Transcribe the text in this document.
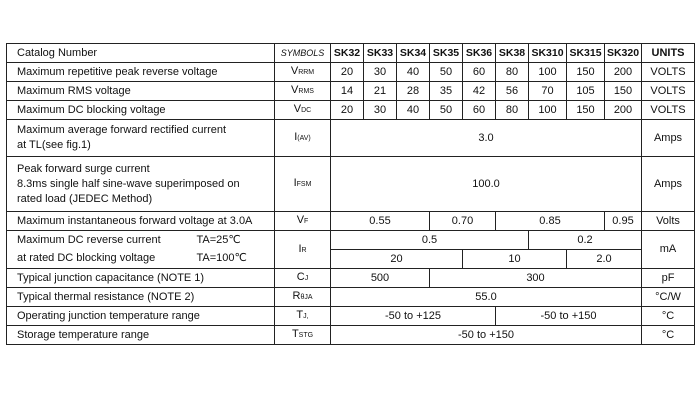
Catalog Number	SYMBOLS	SK32	SK33	SK34	SK35	SK36	SK38	SK310	SK315	SK320	UNITS
Maximum repetitive peak reverse voltage	VRRM	20	30	40	50	60	80	100	150	200	VOLTS
Maximum RMS voltage	VRMS	14	21	28	35	42	56	70	105	150	VOLTS
Maximum DC blocking voltage	VDC	20	30	40	50	60	80	100	150	200	VOLTS

Maximum average forward rectified current
at TL(see fig.1)	I(AV)	3.0									Amps

Peak forward surge current
8.3ms single half sine-wave superimposed on
rated load (JEDEC Method)	IFSM	100.0									Amps
Maximum instantaneous forward voltage at 3.0A	VF	0.55			0.70		0.85			0.95	Volts
Maximum DC reverse current TA=25℃	IR	0.5						0.2			mA
at rated DC blocking voltage TA=100℃		20				10			2.0		
Typical junction capacitance (NOTE 1)	CJ	500			300						pF
Typical thermal resistance (NOTE 2)	RθJA	55.0									°C/W
Operating junction temperature range	TJ,	-50 to +125					-50 to +150				°C
Storage temperature range	TSTG	-50 to +150									°C
